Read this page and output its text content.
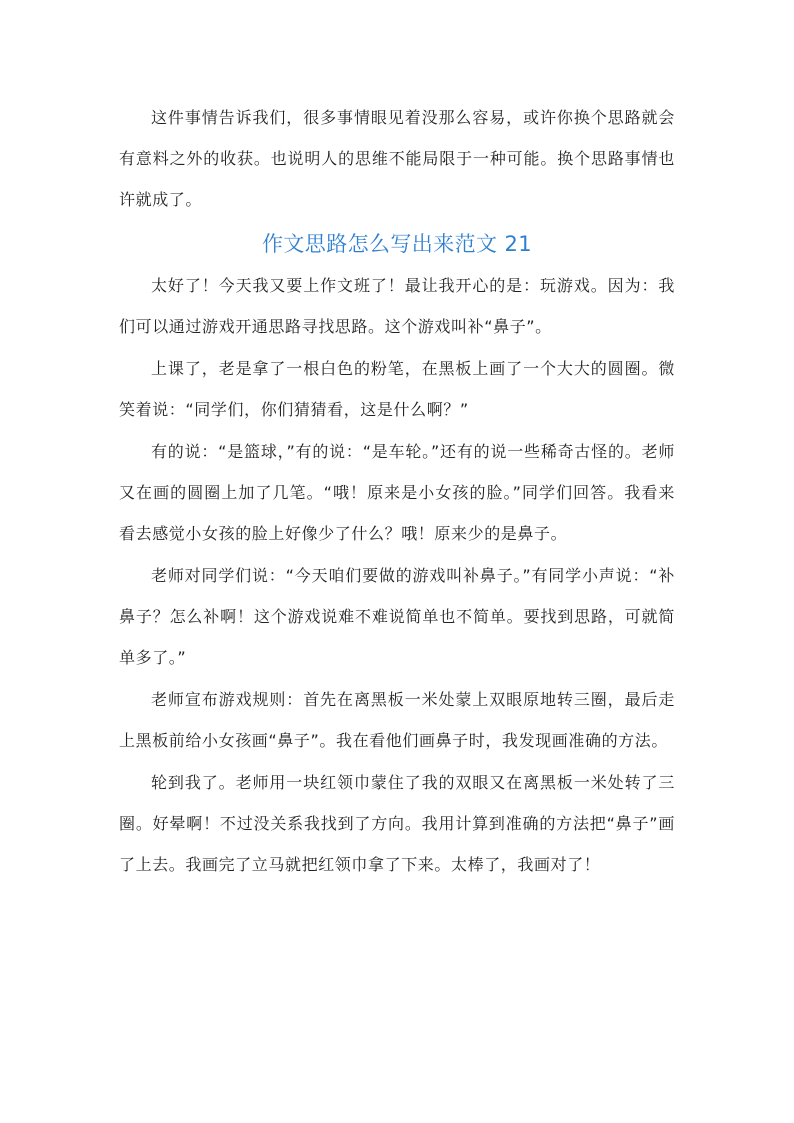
这件事情告诉我们，很多事情眼见着没那么容易，或许你换个思路就会有意料之外的收获。也说明人的思维不能局限于一种可能。换个思路事情也许就成了。

作文思路怎么写出来范文 21

太好了！今天我又要上作文班了！最让我开心的是：玩游戏。因为：我们可以通过游戏开通思路寻找思路。这个游戏叫补“鼻子”。

上课了，老是拿了一根白色的粉笔，在黑板上画了一个大大的圆圈。微笑着说：“同学们，你们猜猜看，这是什么啊？”

有的说：“是篮球，”有的说：“是车轮。”还有的说一些稀奇古怪的。老师又在画的圆圈上加了几笔。“哦！原来是小女孩的脸。”同学们回答。我看来看去感觉小女孩的脸上好像少了什么？哦！原来少的是鼻子。

老师对同学们说：“今天咱们要做的游戏叫补鼻子。”有同学小声说：“补鼻子？怎么补啊！这个游戏说难不难说简单也不简单。要找到思路，可就简单多了。”

老师宣布游戏规则：首先在离黑板一米处蒙上双眼原地转三圈，最后走上黑板前给小女孩画“鼻子”。我在看他们画鼻子时，我发现画准确的方法。

轮到我了。老师用一块红领巾蒙住了我的双眼又在离黑板一米处转了三圈。好晕啊！不过没关系我找到了方向。我用计算到准确的方法把“鼻子”画了上去。我画完了立马就把红领巾拿了下来。太棒了，我画对了！
